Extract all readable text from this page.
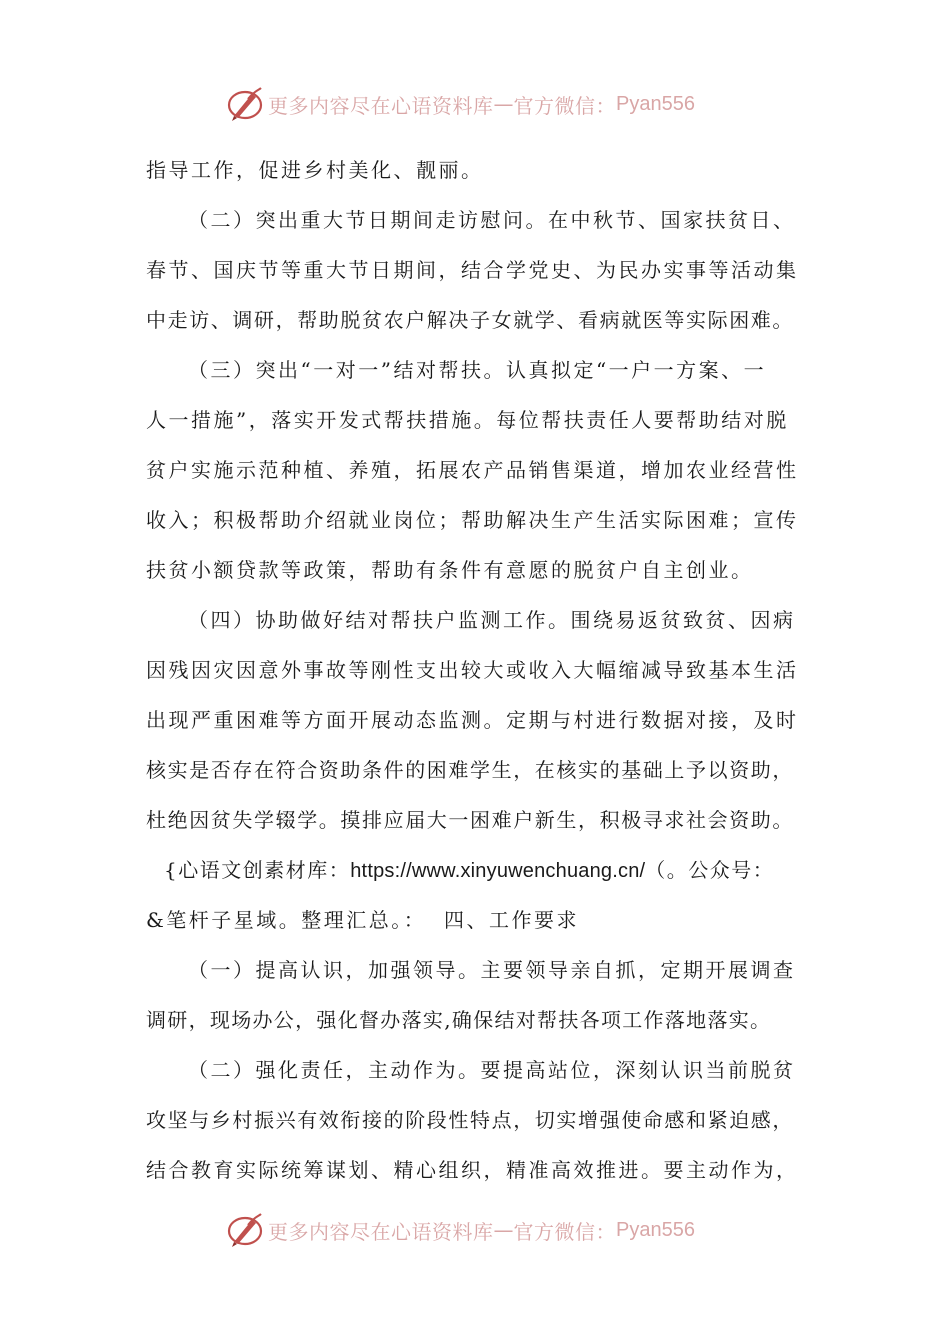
更多内容尽在心语资料库 — 官方微信： Pyan556
指导工作，促进乡村美化、靓丽。
（二）突出重大节日期间走访慰问。在中秋节、国家扶贫日、
春节、国庆节等重大节日期间，结合学党史、为民办实事等活动集
中走访、调研，帮助脱贫农户解决子女就学、看病就医等实际困难。
（三）突出“一对一”结对帮扶。认真拟定“一户一方案、一
人一措施”，落实开发式帮扶措施。每位帮扶责任人要帮助结对脱
贫户实施示范种植、养殖，拓展农产品销售渠道，增加农业经营性
收入；积极帮助介绍就业岗位；帮助解决生产生活实际困难；宣传
扶贫小额贷款等政策，帮助有条件有意愿的脱贫户自主创业。
（四）协助做好结对帮扶户监测工作。围绕易返贫致贫、因病
因残因灾因意外事故等刚性支出较大或收入大幅缩减导致基本生活
出现严重困难等方面开展动态监测。定期与村进行数据对接，及时
核实是否存在符合资助条件的困难学生，在核实的基础上予以资助，
杜绝因贫失学辍学。摸排应届大一困难户新生，积极寻求社会资助。
{心语文创素材库：https://www.xinyuwenchuang.cn/（。公众号：
&笔杆子星域。整理汇总。：  四、工作要求
（一）提高认识，加强领导。主要领导亲自抓，定期开展调查
调研，现场办公，强化督办落实,确保结对帮扶各项工作落地落实。
（二）强化责任，主动作为。要提高站位，深刻认识当前脱贫
攻坚与乡村振兴有效衔接的阶段性特点，切实增强使命感和紧迫感，
结合教育实际统筹谋划、精心组织，精准高效推进。要主动作为，
更多内容尽在心语资料库 — 官方微信： Pyan556
